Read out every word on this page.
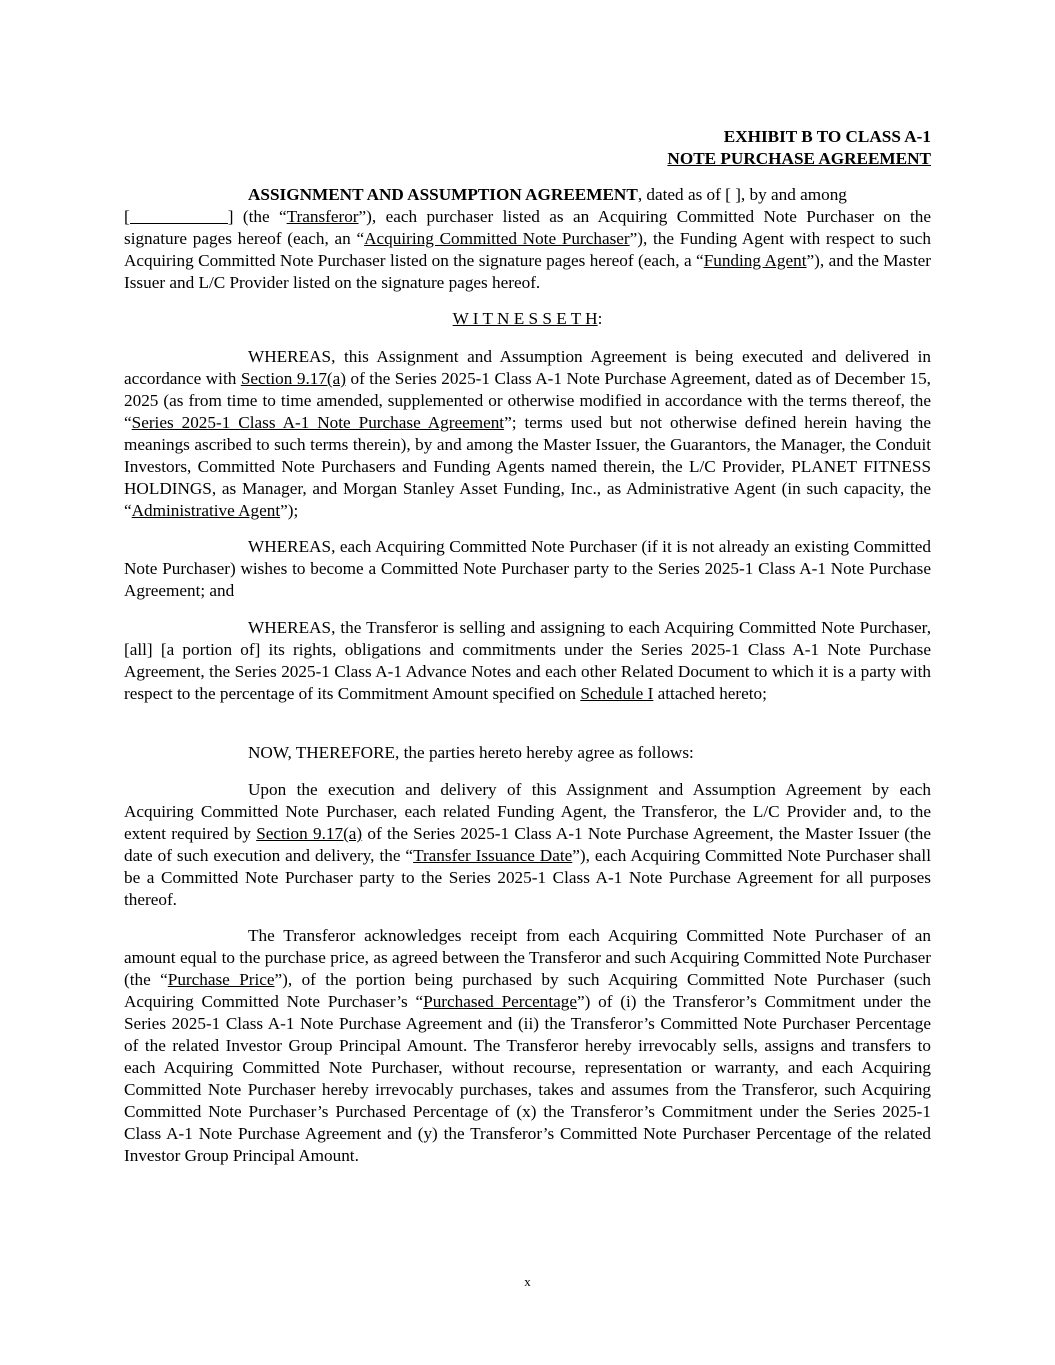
EXHIBIT B TO CLASS A-1
NOTE PURCHASE AGREEMENT

ASSIGNMENT AND ASSUMPTION AGREEMENT, dated as of [ ], by and among
[	] (the “Transferor”), each purchaser listed as an Acquiring Committed Note Purchaser on the signature pages hereof (each, an “Acquiring Committed Note Purchaser”), the Funding Agent with respect to such Acquiring Committed Note Purchaser listed on the signature pages hereof (each, a “Funding Agent”), and the Master Issuer and L/C Provider listed on the signature pages hereof.

W I T N E S S E T H:

WHEREAS, this Assignment and Assumption Agreement is being executed and delivered in accordance with Section 9.17(a) of the Series 2025-1 Class A-1 Note Purchase Agreement, dated as of December 15, 2025 (as from time to time amended, supplemented or otherwise modified in accordance with the terms thereof, the “Series 2025-1 Class A-1 Note Purchase Agreement”; terms used but not otherwise defined herein having the meanings ascribed to such terms therein), by and among the Master Issuer, the Guarantors, the Manager, the Conduit Investors, Committed Note Purchasers and Funding Agents named therein, the L/C Provider, PLANET FITNESS HOLDINGS, as Manager, and Morgan Stanley Asset Funding, Inc., as Administrative Agent (in such capacity, the “Administrative Agent”);

WHEREAS, each Acquiring Committed Note Purchaser (if it is not already an existing Committed Note Purchaser) wishes to become a Committed Note Purchaser party to the Series 2025-1 Class A-1 Note Purchase Agreement; and

WHEREAS, the Transferor is selling and assigning to each Acquiring Committed Note Purchaser, [all] [a portion of] its rights, obligations and commitments under the Series 2025-1 Class A-1 Note Purchase Agreement, the Series 2025-1 Class A-1 Advance Notes and each other Related Document to which it is a party with respect to the percentage of its Commitment Amount specified on Schedule I attached hereto;

NOW, THEREFORE, the parties hereto hereby agree as follows:

Upon the execution and delivery of this Assignment and Assumption Agreement by each Acquiring Committed Note Purchaser, each related Funding Agent, the Transferor, the L/C Provider and, to the extent required by Section 9.17(a) of the Series 2025-1 Class A-1 Note Purchase Agreement, the Master Issuer (the date of such execution and delivery, the “Transfer Issuance Date”), each Acquiring Committed Note Purchaser shall be a Committed Note Purchaser party to the Series 2025-1 Class A-1 Note Purchase Agreement for all purposes thereof.

The Transferor acknowledges receipt from each Acquiring Committed Note Purchaser of an amount equal to the purchase price, as agreed between the Transferor and such Acquiring Committed Note Purchaser (the “Purchase Price”), of the portion being purchased by such Acquiring Committed Note Purchaser (such Acquiring Committed Note Purchaser’s “Purchased Percentage”) of (i) the Transferor’s Commitment under the Series 2025-1 Class A-1 Note Purchase Agreement and (ii) the Transferor’s Committed Note Purchaser Percentage of the related Investor Group Principal Amount. The Transferor hereby irrevocably sells, assigns and transfers to each Acquiring Committed Note Purchaser, without recourse, representation or warranty, and each Acquiring Committed Note Purchaser hereby irrevocably purchases, takes and assumes from the Transferor, such Acquiring Committed Note Purchaser’s Purchased Percentage of (x) the Transferor’s Commitment under the Series 2025-1 Class A-1 Note Purchase Agreement and (y) the Transferor’s Committed Note Purchaser Percentage of the related Investor Group Principal Amount.

x
